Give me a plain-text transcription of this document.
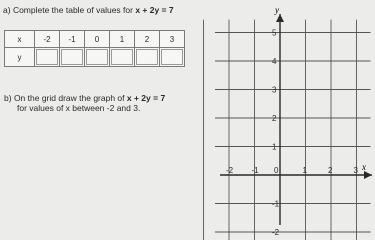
a) Complete the table of values for x + 2y = 7
x	-2	-1	0	1	2	3
y	

b) On the grid draw the graph of x + 2y = 7
for values of x between -2 and 3.
y
x
-2 -1 0	1	2	3
5
4
3
2
1
-1
-2
